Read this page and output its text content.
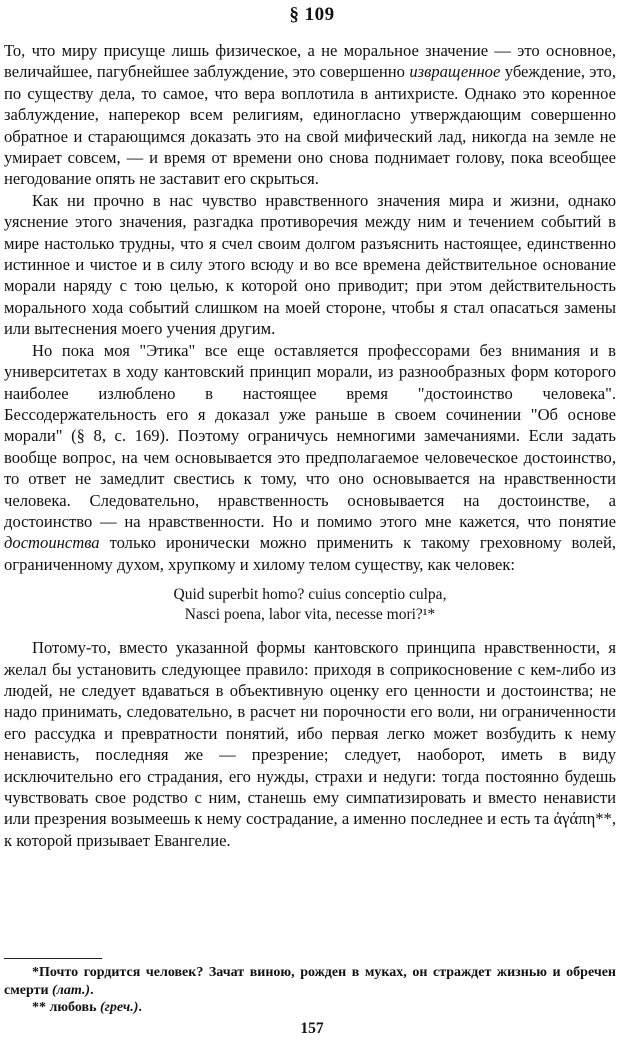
§ 109

То, что миру присуще лишь физическое, а не моральное значение — это основное, величайшее, пагубнейшее заблуждение, это совершенно извращенное убеждение, это, по существу дела, то самое, что вера воплотила в антихристе. Однако это коренное заблуждение, наперекор всем религиям, единогласно утверждающим совершенно обратное и старающимся доказать это на свой мифический лад, никогда на земле не умирает совсем, — и время от времени оно снова поднимает голову, пока всеобщее негодование опять не заставит его скрыться.

Как ни прочно в нас чувство нравственного значения мира и жизни, однако уяснение этого значения, разгадка противоречия между ним и течением событий в мире настолько трудны, что я счел своим долгом разъяснить настоящее, единственно истинное и чистое и в силу этого всюду и во все времена действительное основание морали наряду с тою целью, к которой оно приводит; при этом действительность морального хода событий слишком на моей стороне, чтобы я стал опасаться замены или вытеснения моего учения другим.

Но пока моя "Этика" все еще оставляется профессорами без внимания и в университетах в ходу кантовский принцип морали, из разнообразных форм которого наиболее излюблено в настоящее время "достоинство человека". Бессодержательность его я доказал уже раньше в своем сочинении "Об основе морали" (§ 8, с. 169). Поэтому ограничусь немногими замечаниями. Если задать вообще вопрос, на чем основывается это предполагаемое человеческое достоинство, то ответ не замедлит свестись к тому, что оно основывается на нравственности человека. Следовательно, нравственность основывается на достоинстве, а достоинство — на нравственности. Но и помимо этого мне кажется, что понятие достоинства только иронически можно применить к такому греховному волей, ограниченному духом, хрупкому и хилому телом существу, как человек:

Quid superbit homo? cuius conceptio culpa,
Nasci poena, labor vita, necesse mori?¹*

Потому-то, вместо указанной формы кантовского принципа нравственности, я желал бы установить следующее правило: приходя в соприкосновение с кем-либо из людей, не следует вдаваться в объективную оценку его ценности и достоинства; не надо принимать, следовательно, в расчет ни порочности его воли, ни ограниченности его рассудка и превратности понятий, ибо первая легко может возбудить к нему ненависть, последняя же — презрение; следует, наоборот, иметь в виду исключительно его страдания, его нужды, страхи и недуги: тогда постоянно будешь чувствовать свое родство с ним, станешь ему симпатизировать и вместо ненависти или презрения возымеешь к нему сострадание, а именно последнее и есть та ἀγάπη**, к которой призывает Евангелие.

*Почто гордится человек? Зачат виною, рожден в муках, он страждет жизнью и обречен смерти (лат.).

** любовь (греч.).

157
